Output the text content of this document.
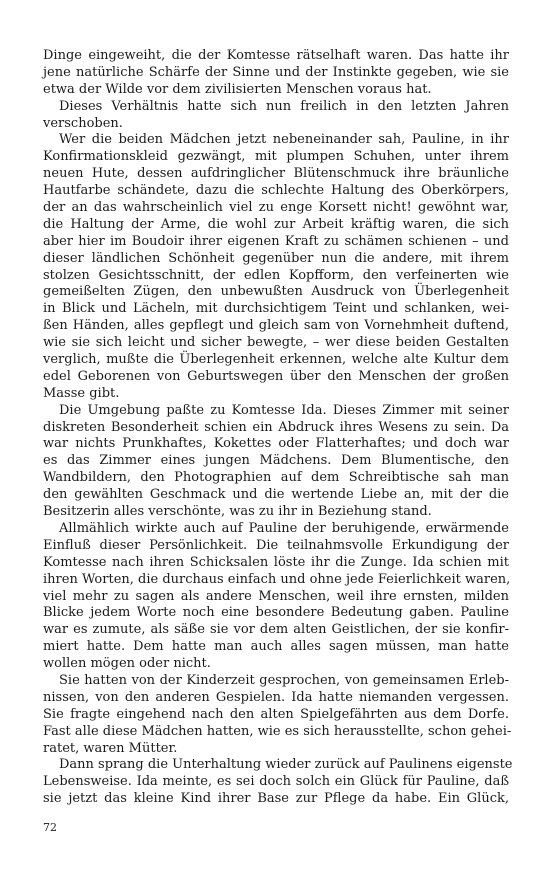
Dinge eingeweiht, die der Komtesse rätselhaft waren. Das hatte ihr
jene natürliche Schärfe der Sinne und der Instinkte gegeben, wie sie
etwa der Wilde vor dem zivilisierten Menschen voraus hat.
Dieses Verhältnis hatte sich nun freilich in den letzten Jahren
verschoben.
Wer die beiden Mädchen jetzt nebeneinander sah, Pauline, in ihr
Konfirmationskleid gezwängt, mit plumpen Schuhen, unter ihrem
neuen Hute, dessen aufdringlicher Blütenschmuck ihre bräunliche
Hautfarbe schändete, dazu die schlechte Haltung des Oberkörpers,
der an das wahrscheinlich viel zu enge Korsett nicht! gewöhnt war,
die Haltung der Arme, die wohl zur Arbeit kräftig waren, die sich
aber hier im Boudoir ihrer eigenen Kraft zu schämen schienen – und
dieser ländlichen Schönheit gegenüber nun die andere, mit ihrem
stolzen Gesichtsschnitt, der edlen Kopfform, den verfeinerten wie
gemeißelten Zügen, den unbewußten Ausdruck von Überlegenheit
in Blick und Lächeln, mit durchsichtigem Teint und schlanken, wei-
ßen Händen, alles gepflegt und gleich sam von Vornehmheit duftend,
wie sie sich leicht und sicher bewegte, – wer diese beiden Gestalten
verglich, mußte die Überlegenheit erkennen, welche alte Kultur dem
edel Geborenen von Geburtswegen über den Menschen der großen
Masse gibt.
Die Umgebung paßte zu Komtesse Ida. Dieses Zimmer mit seiner
diskreten Besonderheit schien ein Abdruck ihres Wesens zu sein. Da
war nichts Prunkhaftes, Kokettes oder Flatterhaftes; und doch war
es das Zimmer eines jungen Mädchens. Dem Blumentische, den
Wandbildern, den Photographien auf dem Schreibtische sah man
den gewählten Geschmack und die wertende Liebe an, mit der die
Besitzerin alles verschönte, was zu ihr in Beziehung stand.
Allmählich wirkte auch auf Pauline der beruhigende, erwärmende
Einfluß dieser Persönlichkeit. Die teilnahmsvolle Erkundigung der
Komtesse nach ihren Schicksalen löste ihr die Zunge. Ida schien mit
ihren Worten, die durchaus einfach und ohne jede Feierlichkeit waren,
viel mehr zu sagen als andere Menschen, weil ihre ernsten, milden
Blicke jedem Worte noch eine besondere Bedeutung gaben. Pauline
war es zumute, als säße sie vor dem alten Geistlichen, der sie konfir-
miert hatte. Dem hatte man auch alles sagen müssen, man hatte
wollen mögen oder nicht.
Sie hatten von der Kinderzeit gesprochen, von gemeinsamen Erleb-
nissen, von den anderen Gespielen. Ida hatte niemanden vergessen.
Sie fragte eingehend nach den alten Spielgefährten aus dem Dorfe.
Fast alle diese Mädchen hatten, wie es sich herausstellte, schon gehei-
ratet, waren Mütter.
Dann sprang die Unterhaltung wieder zurück auf Paulinens eigenste
Lebensweise. Ida meinte, es sei doch solch ein Glück für Pauline, daß
sie jetzt das kleine Kind ihrer Base zur Pflege da habe. Ein Glück,
72
